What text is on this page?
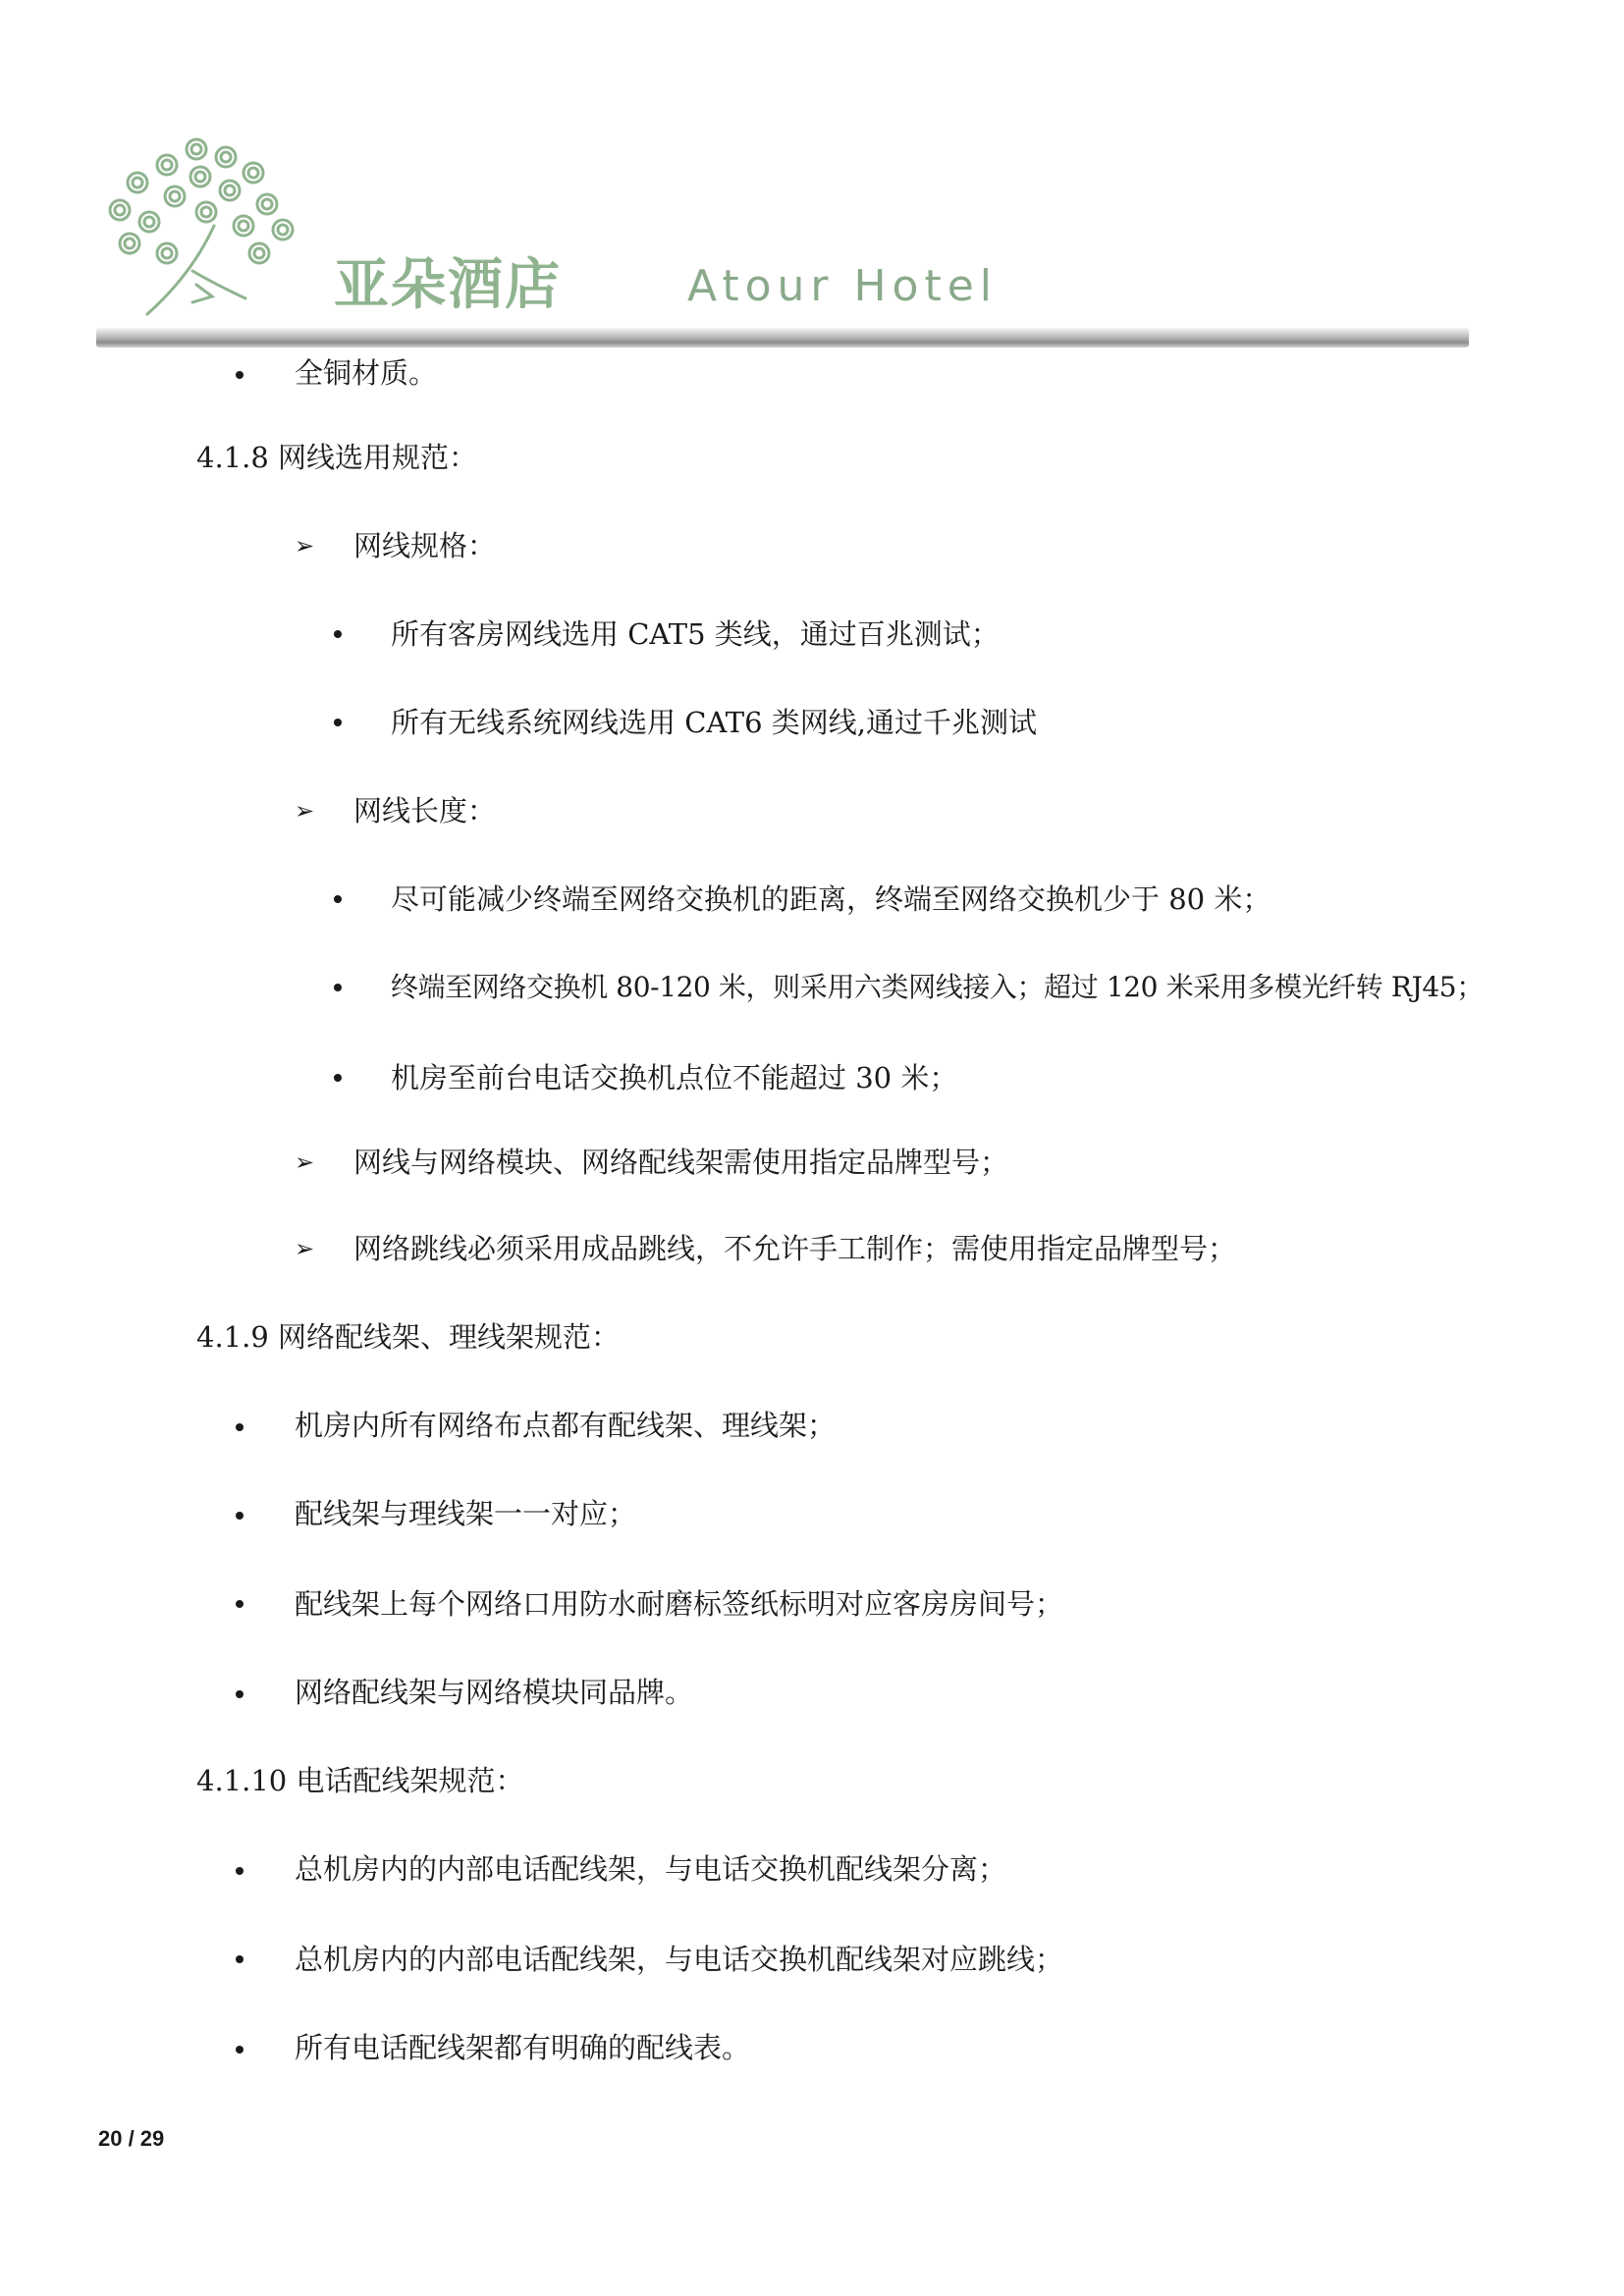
亚朵酒店	Atour Hotel

全铜材质。

4.1.8 网线选用规范：

➢ 网线规格：

所有客房网线选用 CAT5 类线，通过百兆测试；

所有无线系统网线选用 CAT6 类网线,通过千兆测试

➢ 网线长度：

尽可能减少终端至网络交换机的距离，终端至网络交换机少于 80 米；

终端至网络交换机 80-120 米，则采用六类网线接入；超过 120 米采用多模光纤转 RJ45；

机房至前台电话交换机点位不能超过 30 米；

➢ 网线与网络模块、网络配线架需使用指定品牌型号；

➢ 网络跳线必须采用成品跳线，不允许手工制作；需使用指定品牌型号；

4.1.9 网络配线架、理线架规范：

机房内所有网络布点都有配线架、理线架；

配线架与理线架一一对应；

配线架上每个网络口用防水耐磨标签纸标明对应客房房间号；

网络配线架与网络模块同品牌。

4.1.10 电话配线架规范：

总机房内的内部电话配线架，与电话交换机配线架分离；

总机房内的内部电话配线架，与电话交换机配线架对应跳线；

所有电话配线架都有明确的配线表。

20 / 29
